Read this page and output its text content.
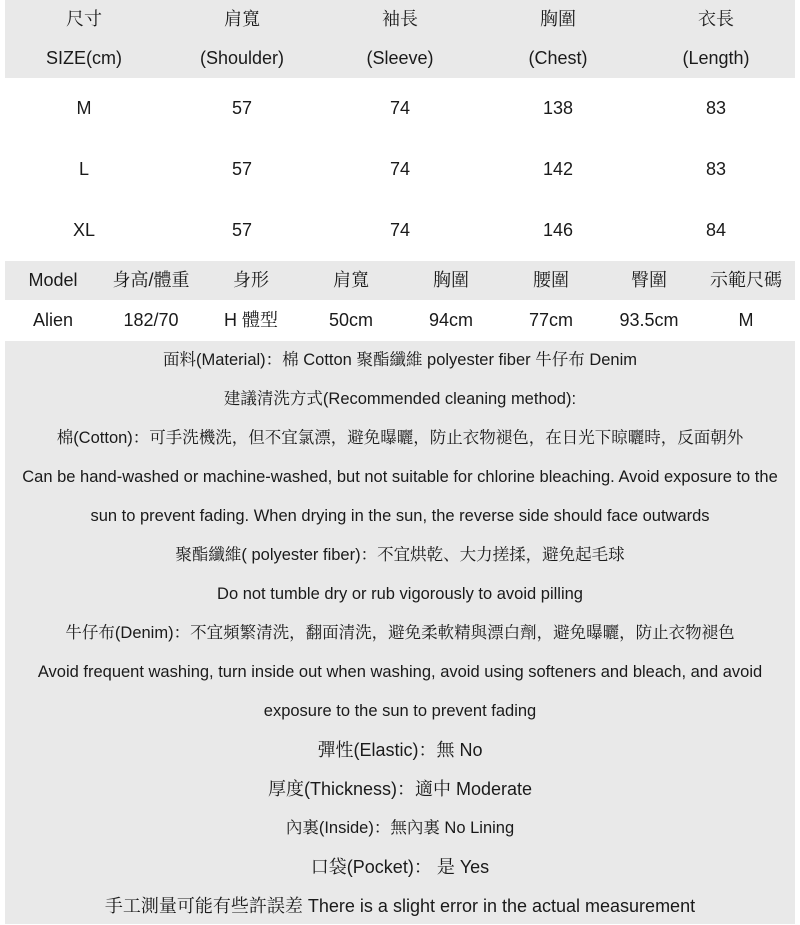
尺寸	肩寬	袖長	胸圍	衣長
SIZE(cm)	(Shoulder)	(Sleeve)	(Chest)	(Length)
M	57	74	138	83
L	57	74	142	83
XL	57	74	146	84
Model	身高/體重	身形	肩寬	胸圍	腰圍	臀圍	示範尺碼
Alien	182/70	H 體型	50cm	94cm	77cm	93.5cm	M
面料(Material)：棉 Cotton 聚酯纖維 polyester fiber 牛仔布 Denim
建議清洗方式(Recommended cleaning method):
棉(Cotton)：可手洗機洗，但不宜氯漂，避免曝曬，防止衣物褪色，在日光下晾曬時，反面朝外
Can be hand-washed or machine-washed, but not suitable for chlorine bleaching. Avoid exposure to the
sun to prevent fading. When drying in the sun, the reverse side should face outwards
聚酯纖維( polyester fiber)：不宜烘乾、大力搓揉，避免起毛球
Do not tumble dry or rub vigorously to avoid pilling
牛仔布(Denim)：不宜頻繁清洗，翻面清洗，避免柔軟精與漂白劑，避免曝曬，防止衣物褪色
Avoid frequent washing, turn inside out when washing, avoid using softeners and bleach, and avoid
exposure to the sun to prevent fading
彈性(Elastic)：無 No
厚度(Thickness)：適中 Moderate
內裏(Inside)：無內裏 No Lining
口袋(Pocket)： 是 Yes
手工測量可能有些許誤差 There is a slight error in the actual measurement
